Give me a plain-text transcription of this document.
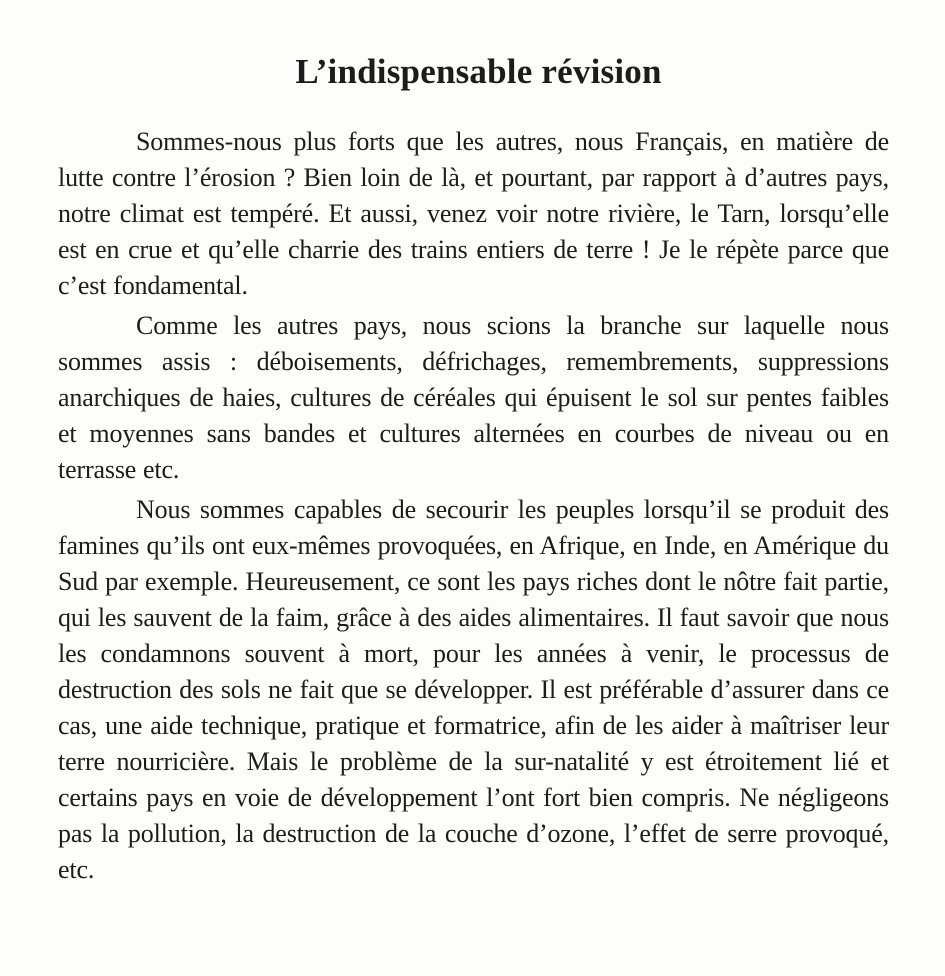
L’indispensable révision

Sommes-nous plus forts que les autres, nous Français, en matière de lutte contre l’érosion ? Bien loin de là, et pourtant, par rapport à d’autres pays, notre climat est tempéré. Et aussi, venez voir notre rivière, le Tarn, lorsqu’elle est en crue et qu’elle charrie des trains entiers de terre ! Je le répète parce que c’est fondamental.

Comme les autres pays, nous scions la branche sur laquelle nous sommes assis : déboisements, défrichages, remembrements, suppressions anarchiques de haies, cultures de céréales qui épuisent le sol sur pentes faibles et moyennes sans bandes et cultures alternées en courbes de niveau ou en terrasse etc.

Nous sommes capables de secourir les peuples lorsqu’il se produit des famines qu’ils ont eux-mêmes provoquées, en Afrique, en Inde, en Amérique du Sud par exemple. Heureusement, ce sont les pays riches dont le nôtre fait partie, qui les sauvent de la faim, grâce à des aides alimentaires. Il faut savoir que nous les condamnons souvent à mort, pour les années à venir, le processus de destruction des sols ne fait que se développer. Il est préférable d’assurer dans ce cas, une aide technique, pratique et formatrice, afin de les aider à maîtriser leur terre nourricière. Mais le problème de la sur-natalité y est étroitement lié et certains pays en voie de développement l’ont fort bien compris. Ne négligeons pas la pollution, la destruction de la couche d’ozone, l’effet de serre provoqué, etc.
